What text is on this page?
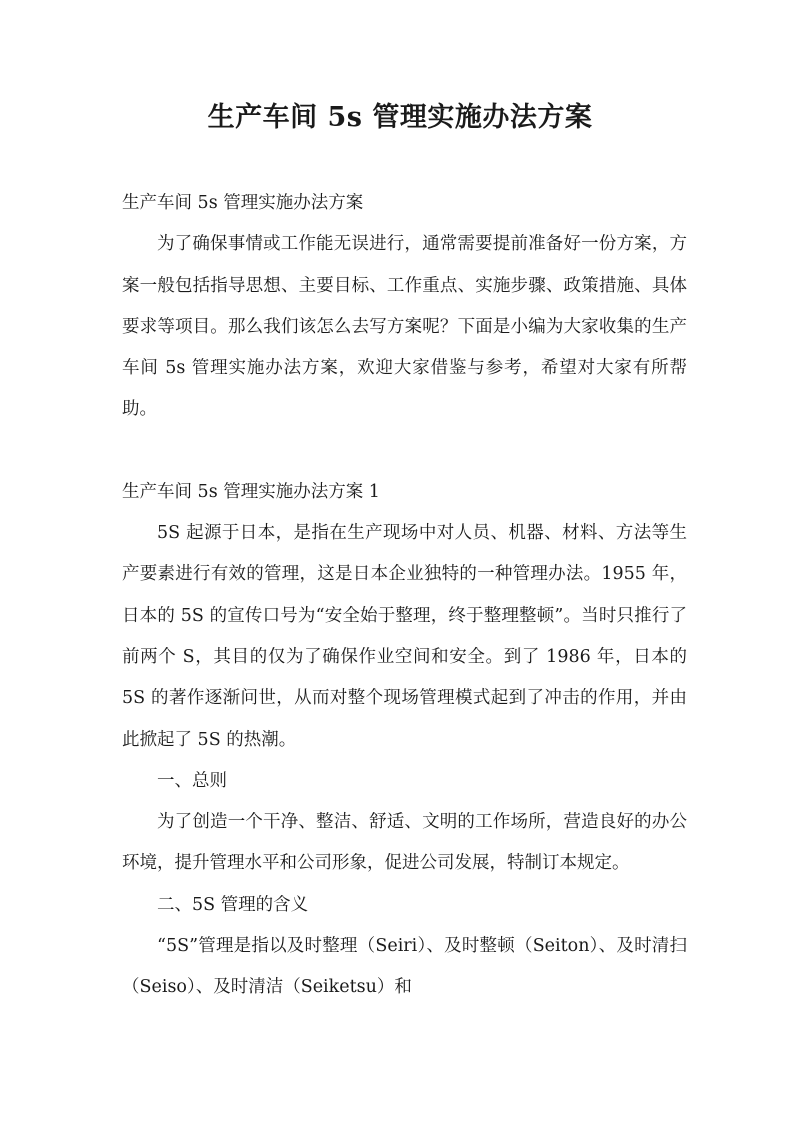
生产车间 5s 管理实施办法方案

生产车间 5s 管理实施办法方案

为了确保事情或工作能无误进行，通常需要提前准备好一份方案，方案一般包括指导思想、主要目标、工作重点、实施步骤、政策措施、具体要求等项目。那么我们该怎么去写方案呢？下面是小编为大家收集的生产车间 5s 管理实施办法方案，欢迎大家借鉴与参考，希望对大家有所帮助。

生产车间 5s 管理实施办法方案 1

5S 起源于日本，是指在生产现场中对人员、机器、材料、方法等生产要素进行有效的管理，这是日本企业独特的一种管理办法。1955 年，日本的 5S 的宣传口号为“安全始于整理，终于整理整顿”。当时只推行了前两个 S，其目的仅为了确保作业空间和安全。到了 1986 年，日本的 5S 的著作逐渐问世，从而对整个现场管理模式起到了冲击的作用，并由此掀起了 5S 的热潮。

一、总则

为了创造一个干净、整洁、舒适、文明的工作场所，营造良好的办公环境，提升管理水平和公司形象，促进公司发展，特制订本规定。

二、5S 管理的含义

“5S”管理是指以及时整理（Seiri）、及时整顿（Seiton）、及时清扫（Seiso）、及时清洁（Seiketsu）和
